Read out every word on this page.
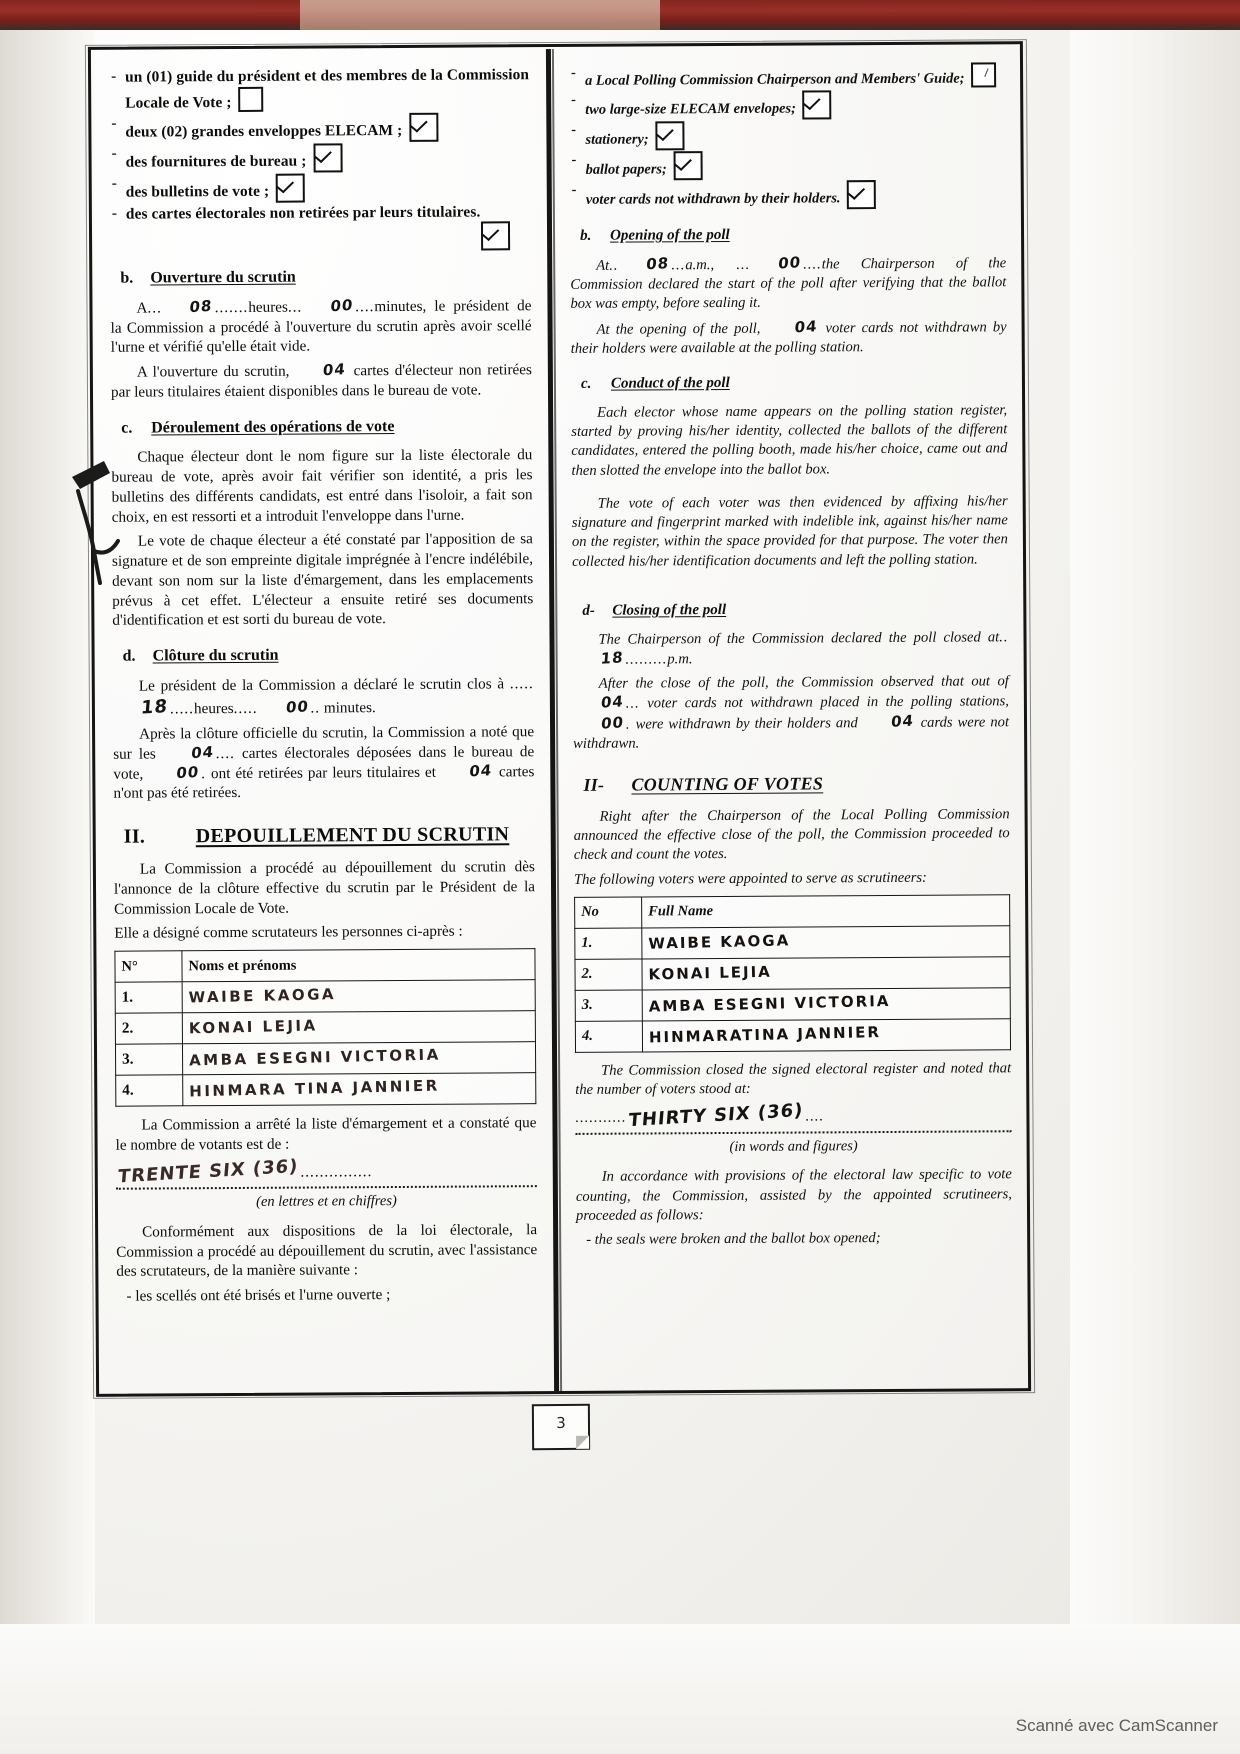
- un (01) guide du président et des membres de la Commission Locale de Vote ;
- deux (02) grandes enveloppes ELECAM ;
- des fournitures de bureau ;
- des bulletins de vote ;
- des cartes électorales non retirées par leurs titulaires.
b. Ouverture du scrutin

A... 08.......heures... 00....minutes, le président de la Commission a procédé à l'ouverture du scrutin après avoir scellé l'urne et vérifié qu'elle était vide.

A l'ouverture du scrutin, 04 cartes d'électeur non retirées par leurs titulaires étaient disponibles dans le bureau de vote.

c. Déroulement des opérations de vote

Chaque électeur dont le nom figure sur la liste électorale du bureau de vote, après avoir fait vérifier son identité, a pris les bulletins des différents candidats, est entré dans l'isoloir, a fait son choix, en est ressorti et a introduit l'enveloppe dans l'urne.

Le vote de chaque électeur a été constaté par l'apposition de sa signature et de son empreinte digitale imprégnée à l'encre indélébile, devant son nom sur la liste d'émargement, dans les emplacements prévus à cet effet. L'électeur a ensuite retiré ses documents d'identification et est sorti du bureau de vote.

d. Clôture du scrutin

Le président de la Commission a déclaré le scrutin clos à .....18.....heures..... 00.. minutes.

Après la clôture officielle du scrutin, la Commission a noté que sur les 04.... cartes électorales déposées dans le bureau de vote, 00. ont été retirées par leurs titulaires et 04 cartes n'ont pas été retirées.

II.	DEPOUILLEMENT DU SCRUTIN

La Commission a procédé au dépouillement du scrutin dès l'annonce de la clôture effective du scrutin par le Président de la Commission Locale de Vote.

Elle a désigné comme scrutateurs les personnes ci-après :

N°	Noms et prénoms
1.	WAIBE KAOGA
2.	KONAI LEJIA
3.	AMBA ESEGNI VICTORIA
4.	HINMARA TINA JANNIER

La Commission a arrêté la liste d'émargement et a constaté que le nombre de votants est de :

TRENTE SIX (36)...............
(en lettres et en chiffres)

Conformément aux dispositions de la loi électorale, la Commission a procédé au dépouillement du scrutin, avec l'assistance des scrutateurs, de la manière suivante :

- les scellés ont été brisés et l'urne ouverte ;

- a Local Polling Commission Chairperson and Members' Guide;
- two large-size ELECAM envelopes;
- stationery;
- ballot papers;
- voter cards not withdrawn by their holders.
b. Opening of the poll

At.. 08...a.m., ... 00....the Chairperson of the Commission declared the start of the poll after verifying that the ballot box was empty, before sealing it.

At the opening of the poll, 04 voter cards not withdrawn by their holders were available at the polling station.

c. Conduct of the poll

Each elector whose name appears on the polling station register, started by proving his/her identity, collected the ballots of the different candidates, entered the polling booth, made his/her choice, came out and then slotted the envelope into the ballot box.

The vote of each voter was then evidenced by affixing his/her signature and fingerprint marked with indelible ink, against his/her name on the register, within the space provided for that purpose. The voter then collected his/her identification documents and left the polling station.

d- Closing of the poll

The Chairperson of the Commission declared the poll closed at..18.........p.m.

After the close of the poll, the Commission observed that out of 04... voter cards not withdrawn placed in the polling stations, 00. were withdrawn by their holders and 04 cards were not withdrawn.

II- COUNTING OF VOTES

Right after the Chairperson of the Local Polling Commission announced the effective close of the poll, the Commission proceeded to check and count the votes.

The following voters were appointed to serve as scrutineers:

No	Full Name
1.	WAIBE KAOGA
2.	KONAI LEJIA
3.	AMBA ESEGNI VICTORIA
4.	HINMARATINA JANNIER

The Commission closed the signed electoral register and noted that the number of voters stood at:

...........THIRTY SIX (36)....
(in words and figures)

In accordance with provisions of the electoral law specific to vote counting, the Commission, assisted by the appointed scrutineers, proceeded as follows:

- the seals were broken and the ballot box opened;

3
Scanné avec CamScanner
